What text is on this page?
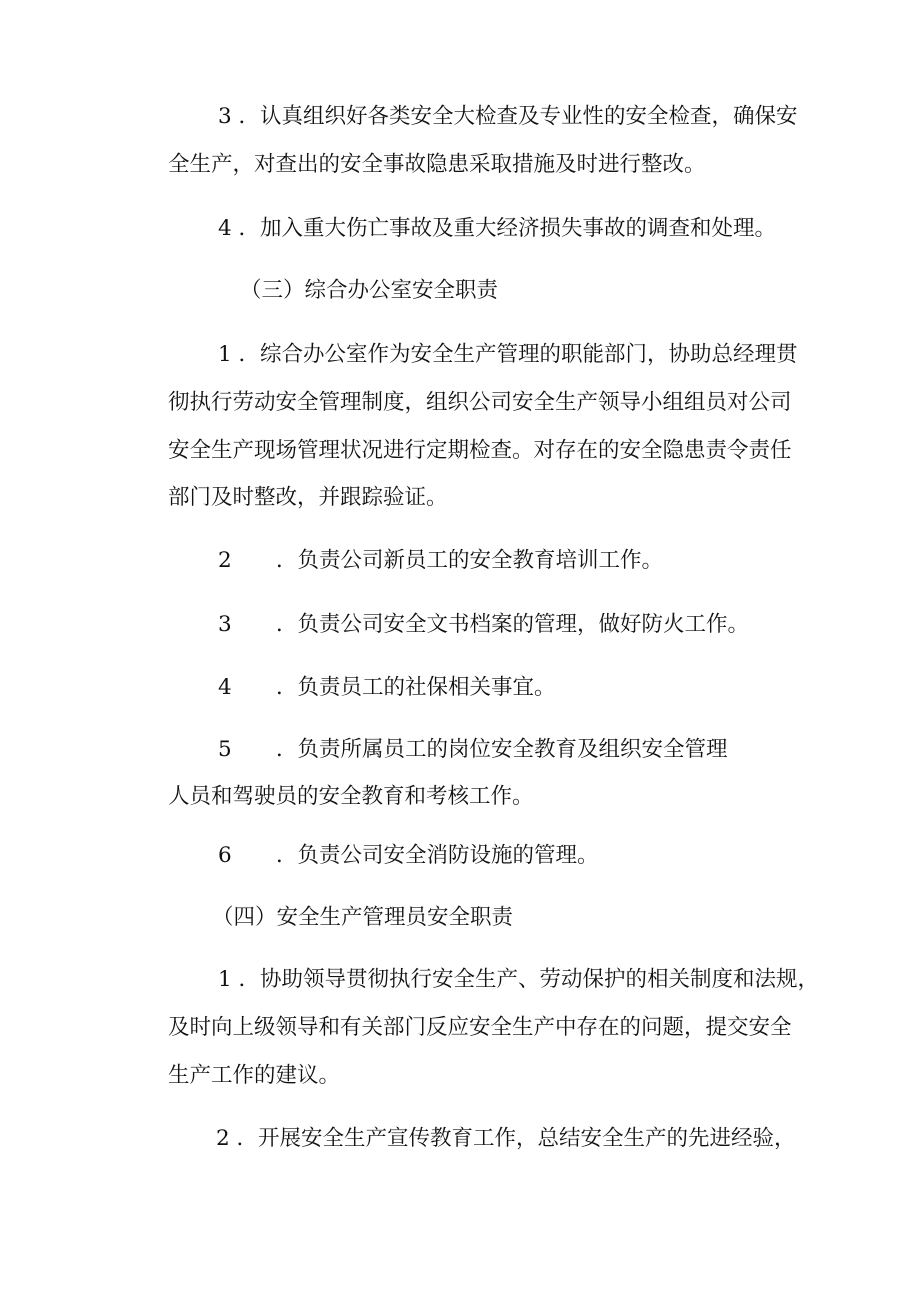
3 ．认真组织好各类安全大检查及专业性的安全检查，确保安
全生产，对查出的安全事故隐患采取措施及时进行整改。
4 ．加入重大伤亡事故及重大经济损失事故的调查和处理。
（三）综合办公室安全职责
1 ．综合办公室作为安全生产管理的职能部门，协助总经理贯
彻执行劳动安全管理制度，组织公司安全生产领导小组组员对公司
安全生产现场管理状况进行定期检查。对存在的安全隐患责令责任
部门及时整改，并跟踪验证。
2 ．负责公司新员工的安全教育培训工作。
3 ．负责公司安全文书档案的管理，做好防火工作。
4 ．负责员工的社保相关事宜。
5 ．负责所属员工的岗位安全教育及组织安全管理
人员和驾驶员的安全教育和考核工作。
6 ．负责公司安全消防设施的管理。
（四）安全生产管理员安全职责
1 ．协助领导贯彻执行安全生产、劳动保护的相关制度和法规，
及时向上级领导和有关部门反应安全生产中存在的问题，提交安全
生产工作的建议。
2 ．开展安全生产宣传教育工作，总结安全生产的先进经验，
